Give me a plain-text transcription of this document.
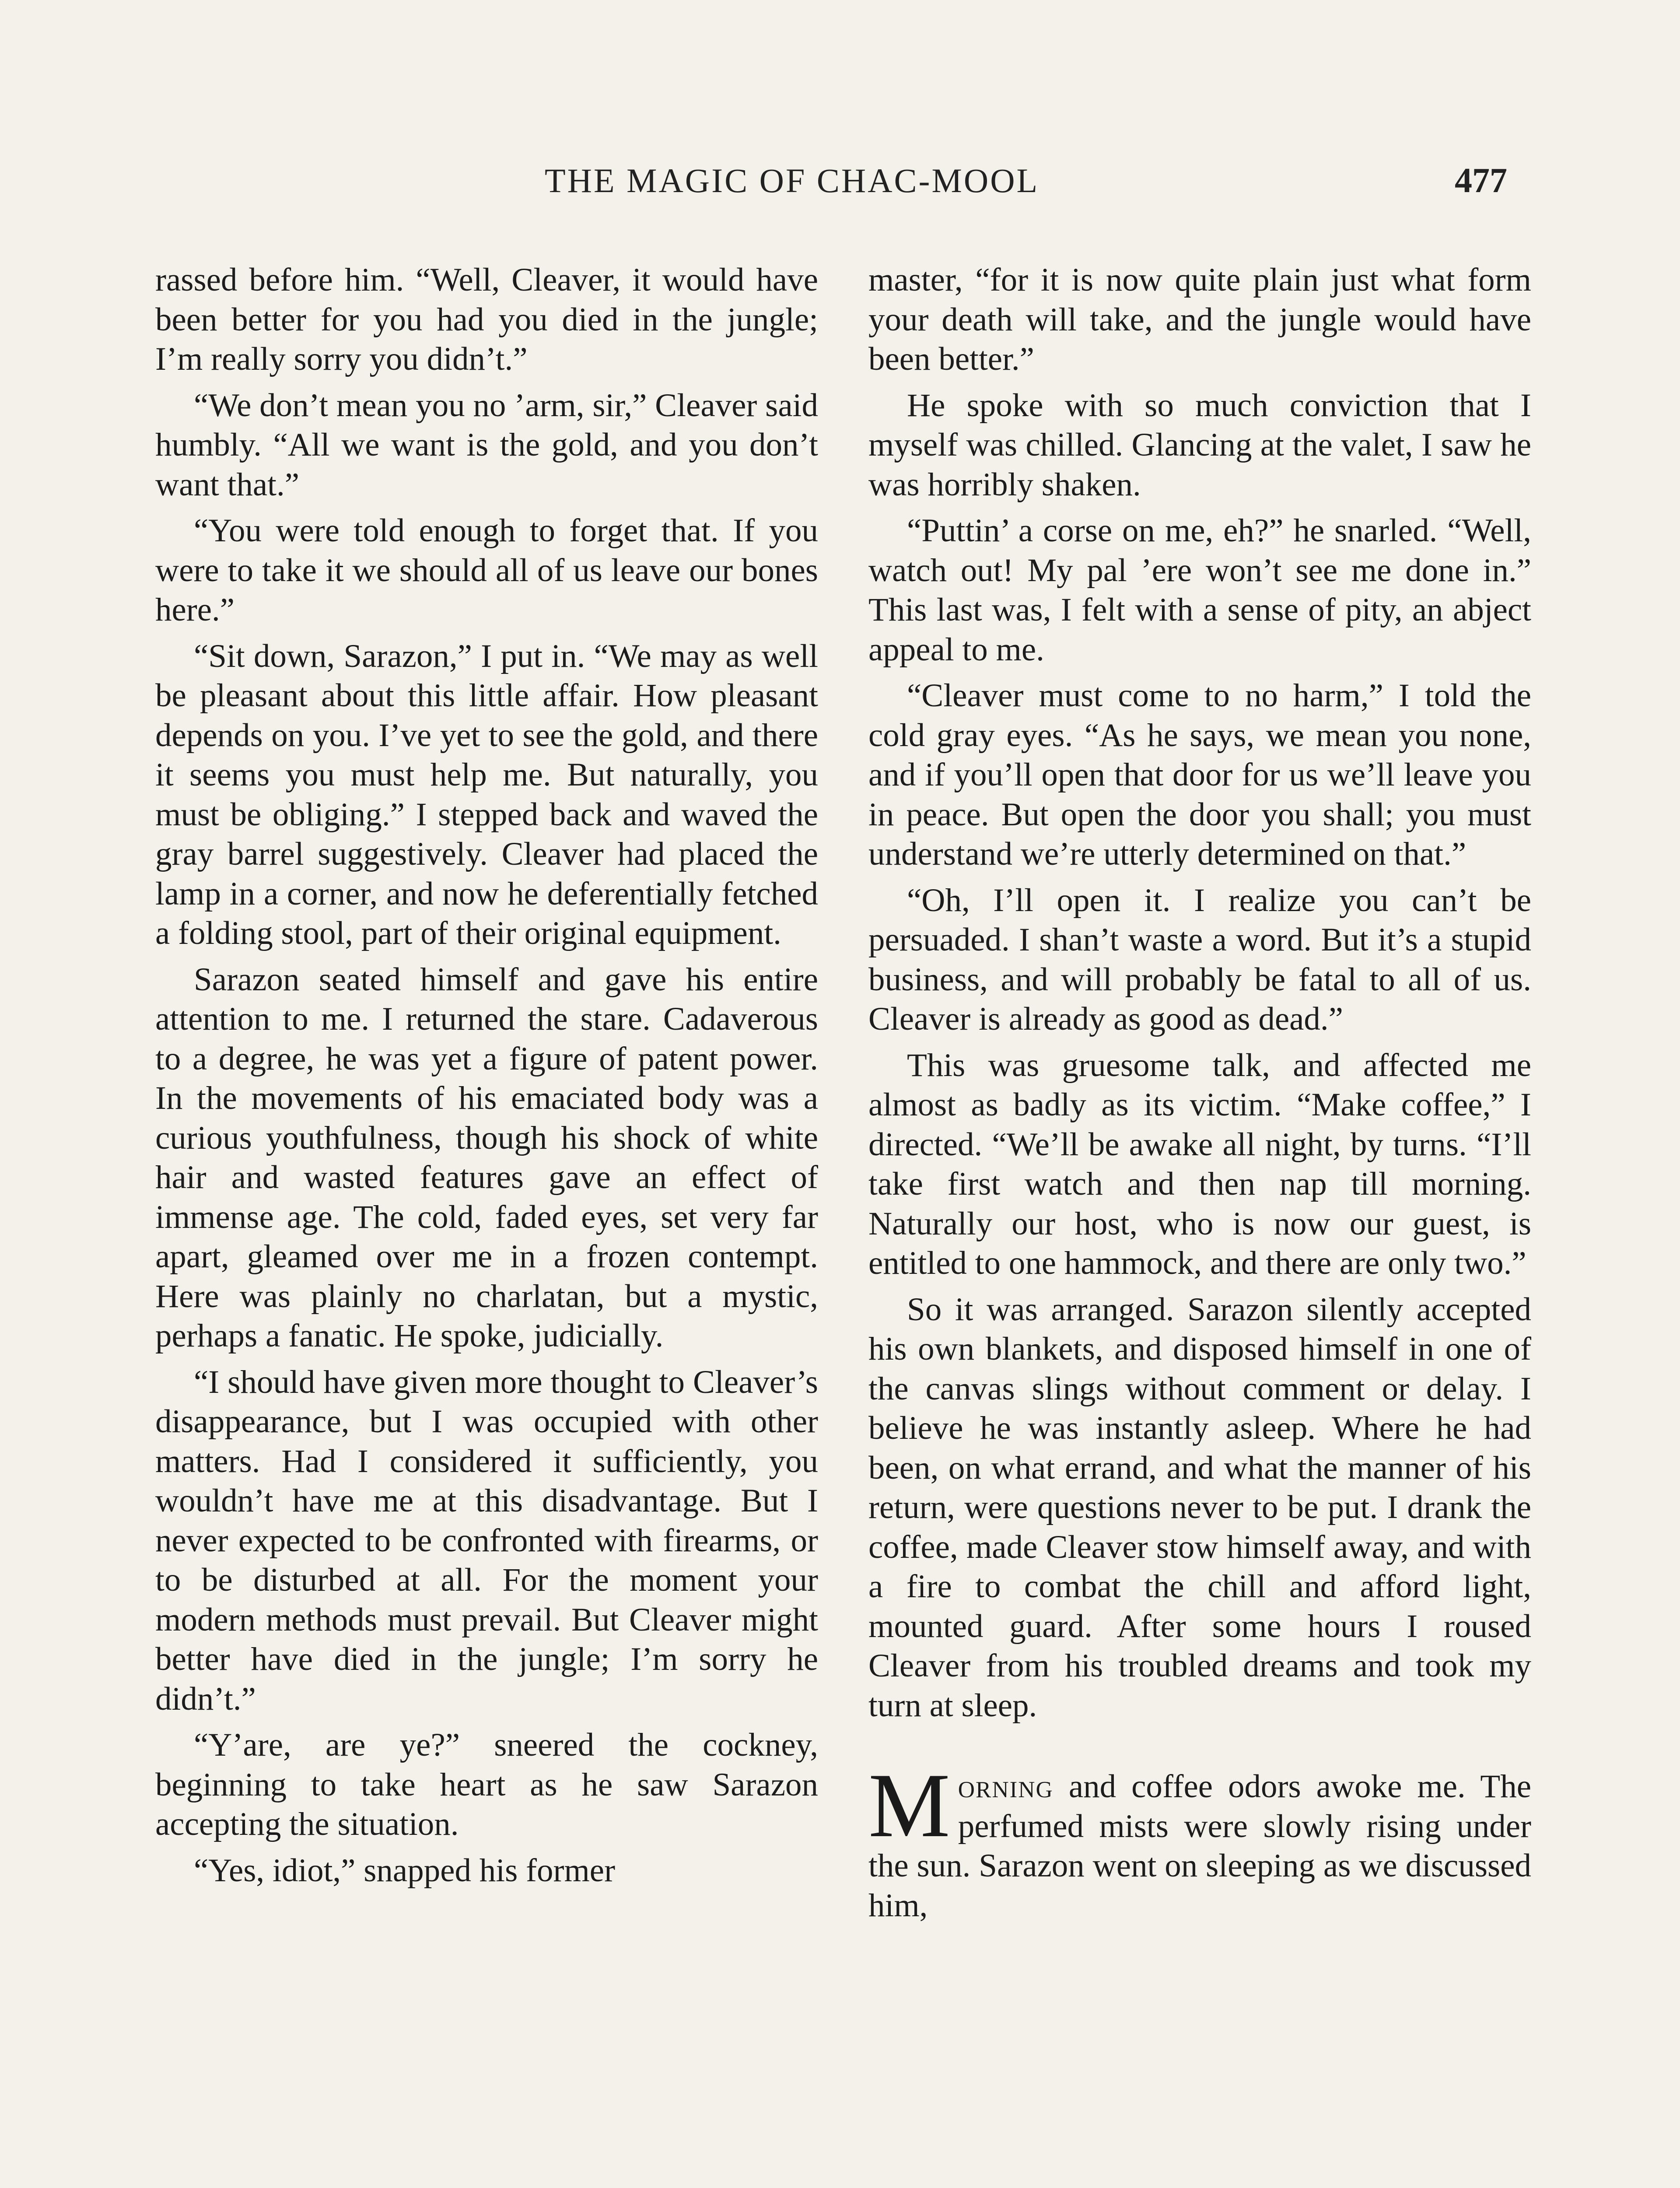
THE MAGIC OF CHAC-MOOL	477

rassed before him. “Well, Cleaver, it would have been better for you had you died in the jungle; I’m really sorry you didn’t.”

“We don’t mean you no ’arm, sir,” Cleaver said humbly. “All we want is the gold, and you don’t want that.”

“You were told enough to forget that. If you were to take it we should all of us leave our bones here.”

“Sit down, Sarazon,” I put in. “We may as well be pleasant about this little affair. How pleasant depends on you. I’ve yet to see the gold, and there it seems you must help me. But naturally, you must be obliging.” I stepped back and waved the gray barrel suggestively. Cleaver had placed the lamp in a corner, and now he deferentially fetched a folding stool, part of their original equipment.

Sarazon seated himself and gave his entire attention to me. I returned the stare. Cadaverous to a degree, he was yet a figure of patent power. In the movements of his emaciated body was a curious youthfulness, though his shock of white hair and wasted features gave an effect of immense age. The cold, faded eyes, set very far apart, gleamed over me in a frozen contempt. Here was plainly no charlatan, but a mystic, perhaps a fanatic. He spoke, judicially.

“I should have given more thought to Cleaver’s disappearance, but I was occupied with other matters. Had I considered it sufficiently, you wouldn’t have me at this disadvantage. But I never expected to be confronted with firearms, or to be disturbed at all. For the moment your modern methods must prevail. But Cleaver might better have died in the jungle; I’m sorry he didn’t.”

“Y’are, are ye?” sneered the cockney, beginning to take heart as he saw Sarazon accepting the situation.

“Yes, idiot,” snapped his former

master, “for it is now quite plain just what form your death will take, and the jungle would have been better.”

He spoke with so much conviction that I myself was chilled. Glancing at the valet, I saw he was horribly shaken.

“Puttin’ a corse on me, eh?” he snarled. “Well, watch out! My pal ’ere won’t see me done in.” This last was, I felt with a sense of pity, an abject appeal to me.

“Cleaver must come to no harm,” I told the cold gray eyes. “As he says, we mean you none, and if you’ll open that door for us we’ll leave you in peace. But open the door you shall; you must understand we’re utterly determined on that.”

“Oh, I’ll open it. I realize you can’t be persuaded. I shan’t waste a word. But it’s a stupid business, and will probably be fatal to all of us. Cleaver is already as good as dead.”

This was gruesome talk, and affected me almost as badly as its victim. “Make coffee,” I directed. “We’ll be awake all night, by turns. “I’ll take first watch and then nap till morning. Naturally our host, who is now our guest, is entitled to one hammock, and there are only two.”

So it was arranged. Sarazon silently accepted his own blankets, and disposed himself in one of the canvas slings without comment or delay. I believe he was instantly asleep. Where he had been, on what errand, and what the manner of his return, were questions never to be put. I drank the coffee, made Cleaver stow himself away, and with a fire to combat the chill and afford light, mounted guard. After some hours I roused Cleaver from his troubled dreams and took my turn at sleep.

Morning and coffee odors awoke me. The perfumed mists were slowly rising under the sun. Sarazon went on sleeping as we discussed him,
